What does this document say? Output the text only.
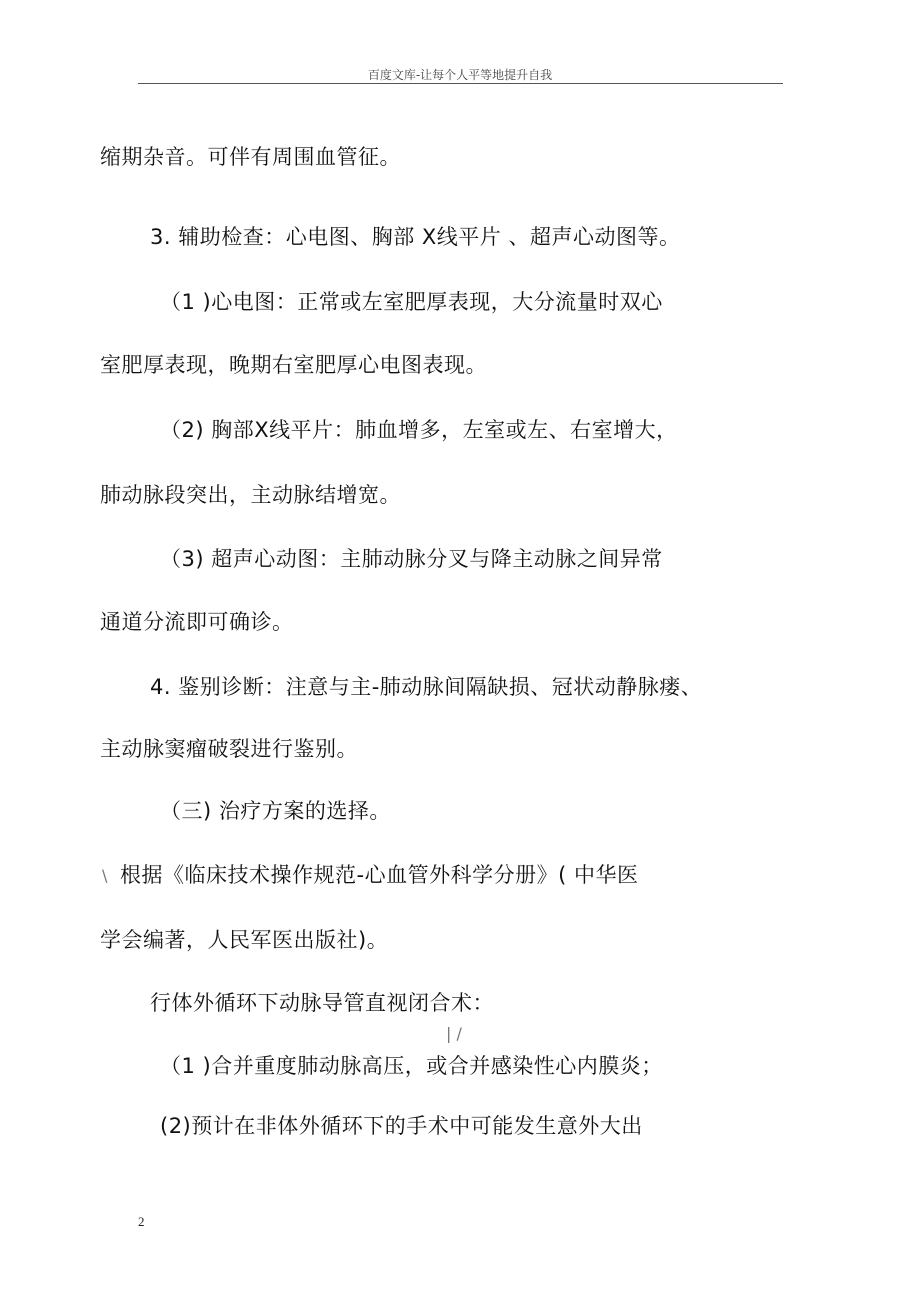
百度文库-让每个人平等地提升自我
缩期杂音。可伴有周围血管征。
3. 辅助检查：心电图、胸部 X线平片 、超声心动图等。
（1 )心电图：正常或左室肥厚表现，大分流量时双心
室肥厚表现，晚期右室肥厚心电图表现。
（2) 胸部X线平片：肺血增多，左室或左、右室增大，
肺动脉段突出，主动脉结增宽。
（3) 超声心动图：主肺动脉分叉与降主动脉之间异常
通道分流即可确诊。
4. 鉴别诊断：注意与主-肺动脉间隔缺损、冠状动静脉瘘、
主动脉窦瘤破裂进行鉴别。
（三) 治疗方案的选择。
\ 根据《临床技术操作规范-心血管外科学分册》( 中华医
学会编著，人民军医出版社)。
行体外循环下动脉导管直视闭合术：
| /
（1 )合并重度肺动脉高压，或合并感染性心内膜炎；
(2)预计在非体外循环下的手术中可能发生意外大出
2
